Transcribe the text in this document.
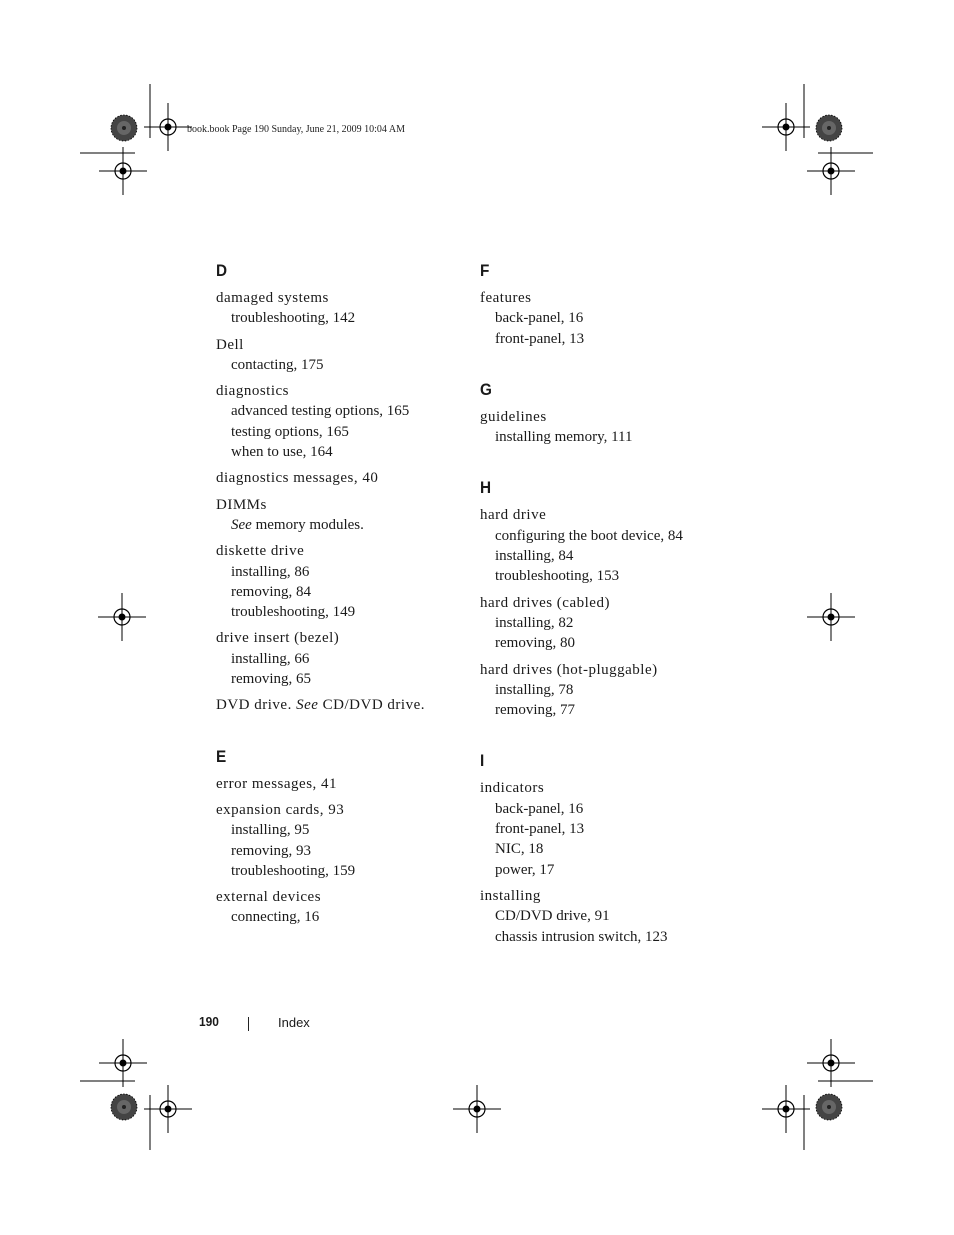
book.book Page 190 Sunday, June 21, 2009 10:04 AM
D
damaged systems
troubleshooting, 142
Dell
contacting, 175
diagnostics
advanced testing options, 165
testing options, 165
when to use, 164
diagnostics messages, 40
DIMMs
See memory modules.
diskette drive
installing, 86
removing, 84
troubleshooting, 149
drive insert (bezel)
installing, 66
removing, 65
DVD drive. See CD/DVD drive.
E
error messages, 41
expansion cards, 93
installing, 95
removing, 93
troubleshooting, 159
external devices
connecting, 16
F
features
back-panel, 16
front-panel, 13
G
guidelines
installing memory, 111
H
hard drive
configuring the boot device, 84
installing, 84
troubleshooting, 153
hard drives (cabled)
installing, 82
removing, 80
hard drives (hot-pluggable)
installing, 78
removing, 77
I
indicators
back-panel, 16
front-panel, 13
NIC, 18
power, 17
installing
CD/DVD drive, 91
chassis intrusion switch, 123
190	Index
